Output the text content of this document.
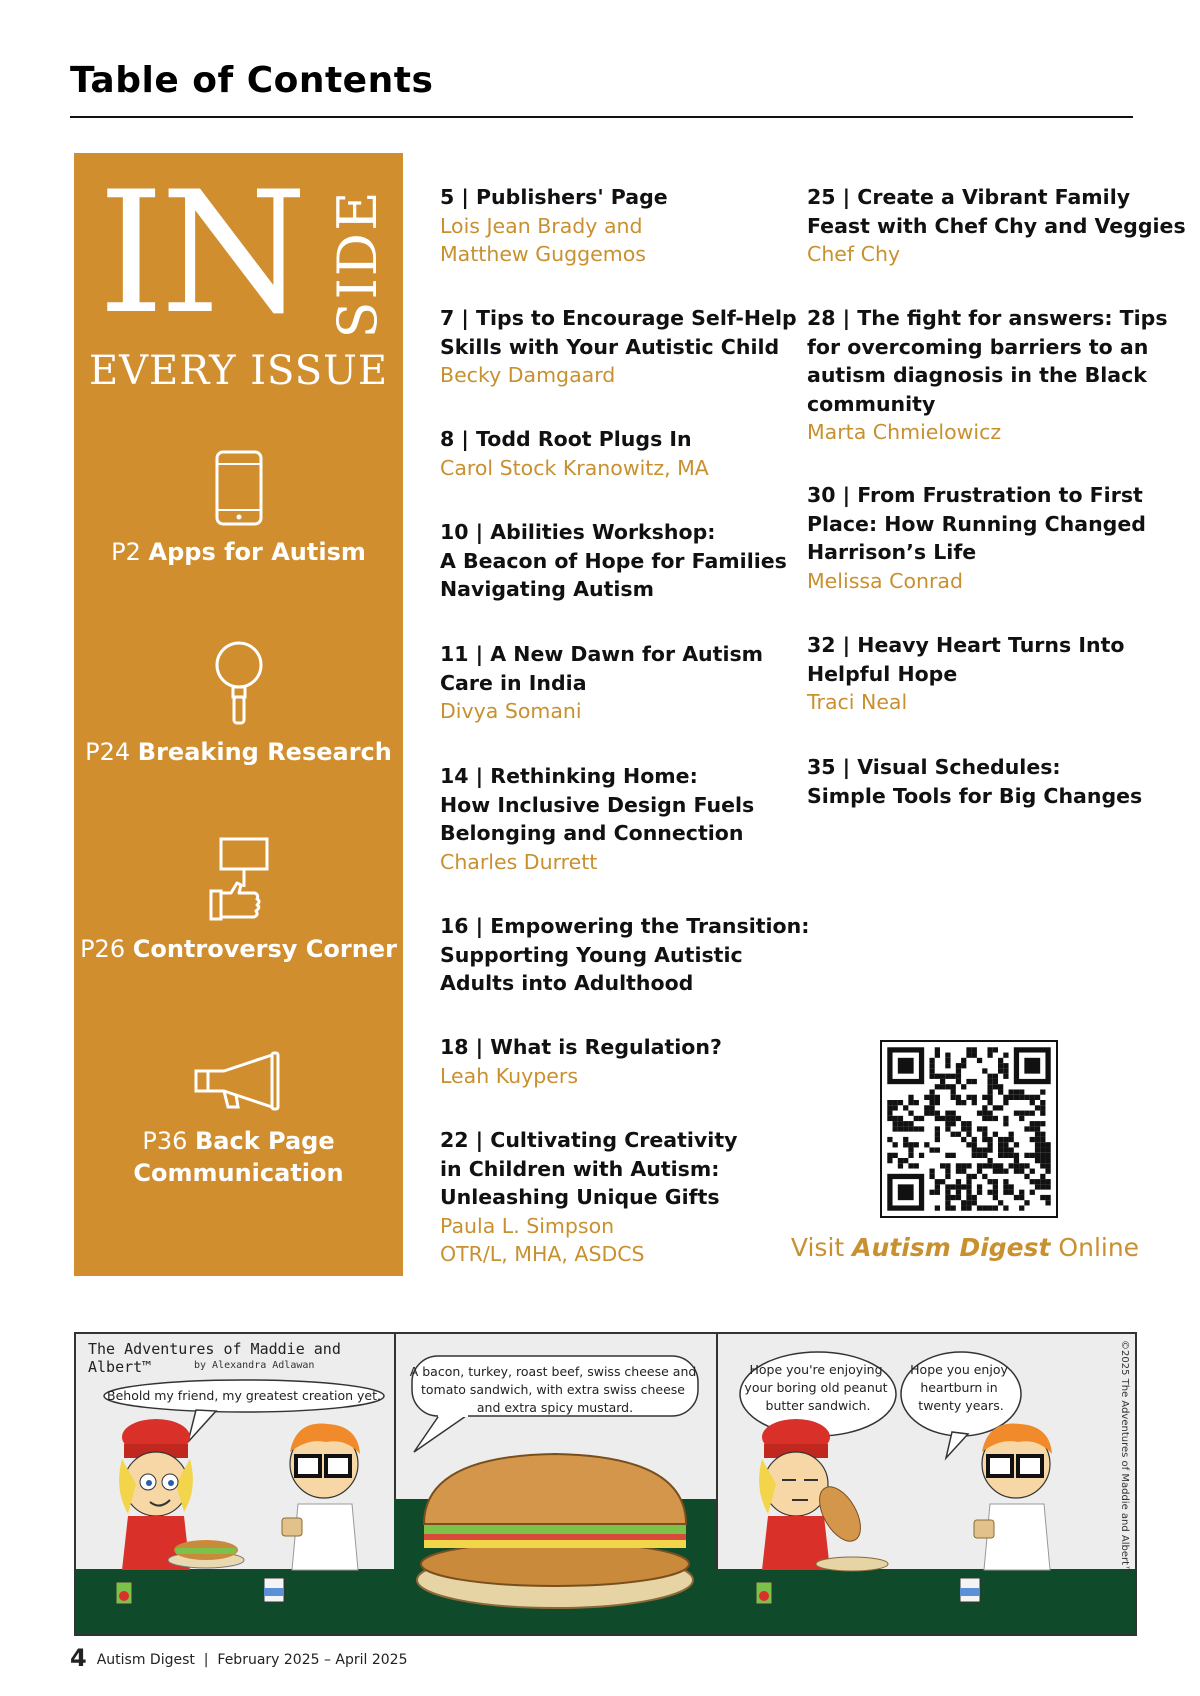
Table of Contents
IN SIDE
EVERY ISSUE
P2 Apps for Autism
P24 Breaking Research
P26 Controversy Corner
P36 Back Page
Communication
5 | Publishers' Page
Lois Jean Brady and
Matthew Guggemos
7 | Tips to Encourage Self-Help
Skills with Your Autistic Child
Becky Damgaard
8 | Todd Root Plugs In
Carol Stock Kranowitz, MA
10 | Abilities Workshop:
A Beacon of Hope for Families
Navigating Autism
11 | A New Dawn for Autism
Care in India
Divya Somani
14 | Rethinking Home:
How Inclusive Design Fuels
Belonging and Connection
Charles Durrett
16 | Empowering the Transition:
Supporting Young Autistic
Adults into Adulthood
18 | What is Regulation?
Leah Kuypers
22 | Cultivating Creativity
in Children with Autism:
Unleashing Unique Gifts
Paula L. Simpson
OTR/L, MHA, ASDCS
25 | Create a Vibrant Family
Feast with Chef Chy and Veggies
Chef Chy
28 | The fight for answers: Tips
for overcoming barriers to an
autism diagnosis in the Black
community
Marta Chmielowicz
30 | From Frustration to First
Place: How Running Changed
Harrison’s Life
Melissa Conrad
32 | Heavy Heart Turns Into
Helpful Hope
Traci Neal
35 | Visual Schedules:
Simple Tools for Big Changes
Visit Autism Digest Online
The Adventures of Maddie and Albert™	by Alexandra Adlawan
Behold my friend, my greatest creation yet.
A bacon, turkey, roast beef, swiss cheese and tomato sandwich, with extra swiss cheese and extra spicy mustard.
Hope you're enjoying your boring old peanut butter sandwich.
Hope you enjoy heartburn in twenty years.	©2025 The Adventures of Maddie and Albert™
4 Autism Digest | February 2025 – April 2025
